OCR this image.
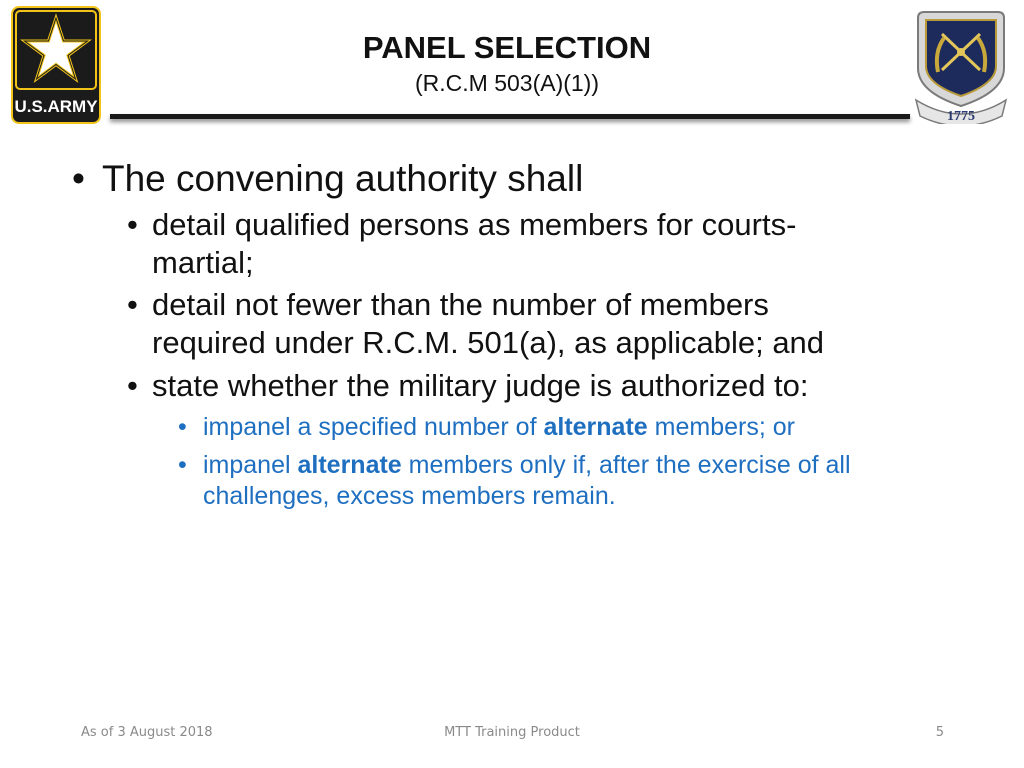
U.S.ARMY
1775
PANEL SELECTION
(R.C.M 503(A)(1))
• The convening authority shall
• detail qualified persons as members for courts-martial;
• detail not fewer than the number of members required under R.C.M. 501(a), as applicable; and
• state whether the military judge is authorized to:
• impanel a specified number of alternate members; or
• impanel alternate members only if, after the exercise of all challenges, excess members remain.
As of 3 August 2018	MTT Training Product	5
